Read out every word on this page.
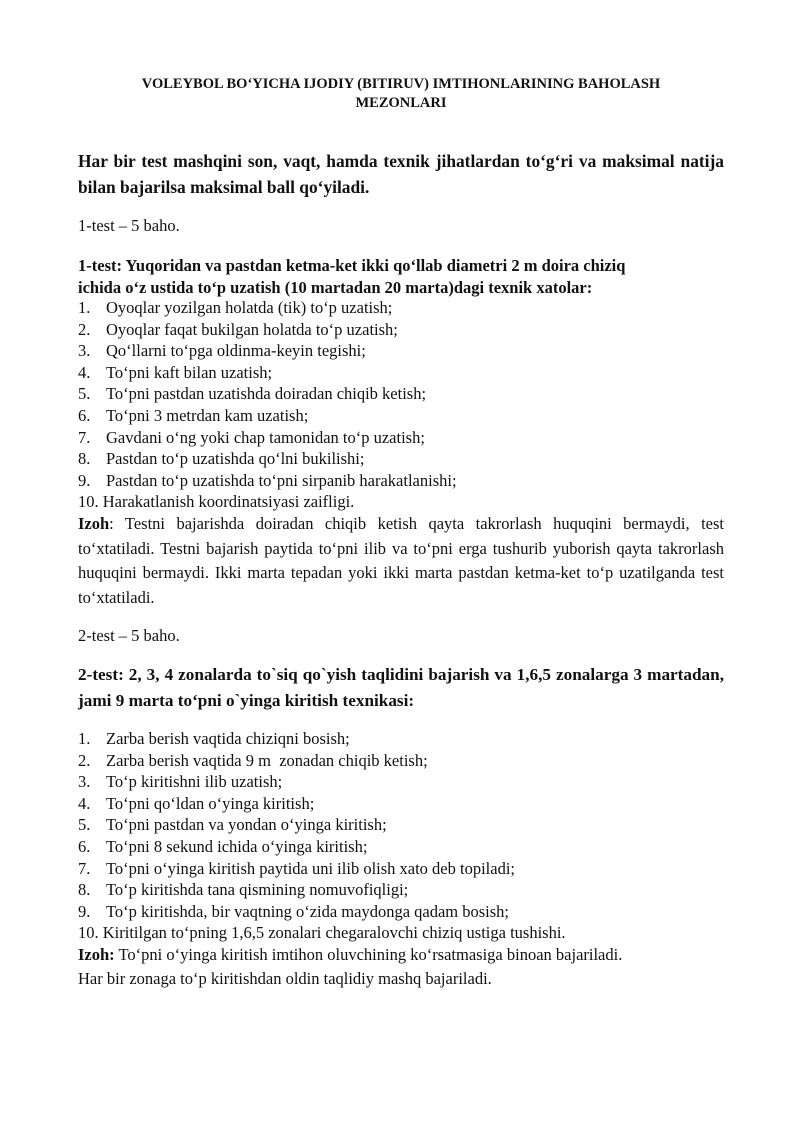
VOLEYBOL BO‘YICHA IJODIY (BITIRUV) IMTIHONLARINING BAHOLASH
MEZONLARI

Har bir test mashqini son, vaqt, hamda texnik jihatlardan to‘g‘ri va maksimal natija bilan bajarilsa maksimal ball qo‘yiladi.

1-test – 5 baho.

1-test: Yuqoridan va pastdan ketma-ket ikki qo‘llab diametri 2 m doira chiziq
ichida o‘z ustida to‘p uzatish (10 martadan 20 marta)dagi texnik xatolar:

1. Oyoqlar yozilgan holatda (tik) to‘p uzatish;
2. Oyoqlar faqat bukilgan holatda to‘p uzatish;
3. Qo‘llarni to‘pga oldinma-keyin tegishi;
4. To‘pni kaft bilan uzatish;
5. To‘pni pastdan uzatishda doiradan chiqib ketish;
6. To‘pni 3 metrdan kam uzatish;
7. Gavdani o‘ng yoki chap tamonidan to‘p uzatish;
8. Pastdan to‘p uzatishda qo‘lni bukilishi;
9. Pastdan to‘p uzatishda to‘pni sirpanib harakatlanishi;
10. Harakatlanish koordinatsiyasi zaifligi.

Izoh: Testni bajarishda doiradan chiqib ketish qayta takrorlash huquqini bermaydi, test to‘xtatiladi. Testni bajarish paytida to‘pni ilib va to‘pni erga tushurib yuborish qayta takrorlash huquqini bermaydi. Ikki marta tepadan yoki ikki marta pastdan ketma-ket to‘p uzatilganda test to‘xtatiladi.

2-test – 5 baho.

2-test: 2, 3, 4 zonalarda to`siq qo`yish taqlidini bajarish va 1,6,5 zonalarga 3 martadan, jami 9 marta to‘pni o`yinga kiritish texnikasi:

1. Zarba berish vaqtida chiziqni bosish;
2. Zarba berish vaqtida 9 m  zonadan chiqib ketish;
3. To‘p kiritishni ilib uzatish;
4. To‘pni qo‘ldan o‘yinga kiritish;
5. To‘pni pastdan va yondan o‘yinga kiritish;
6. To‘pni 8 sekund ichida o‘yinga kiritish;
7. To‘pni o‘yinga kiritish paytida uni ilib olish xato deb topiladi;
8. To‘p kiritishda tana qismining nomuvofiqligi;
9. To‘p kiritishda, bir vaqtning o‘zida maydonga qadam bosish;
10. Kiritilgan to‘pning 1,6,5 zonalari chegaralovchi chiziq ustiga tushishi.

Izoh: To‘pni o‘yinga kiritish imtihon oluvchining ko‘rsatmasiga binoan bajariladi.
Har bir zonaga to‘p kiritishdan oldin taqlidiy mashq bajariladi.
